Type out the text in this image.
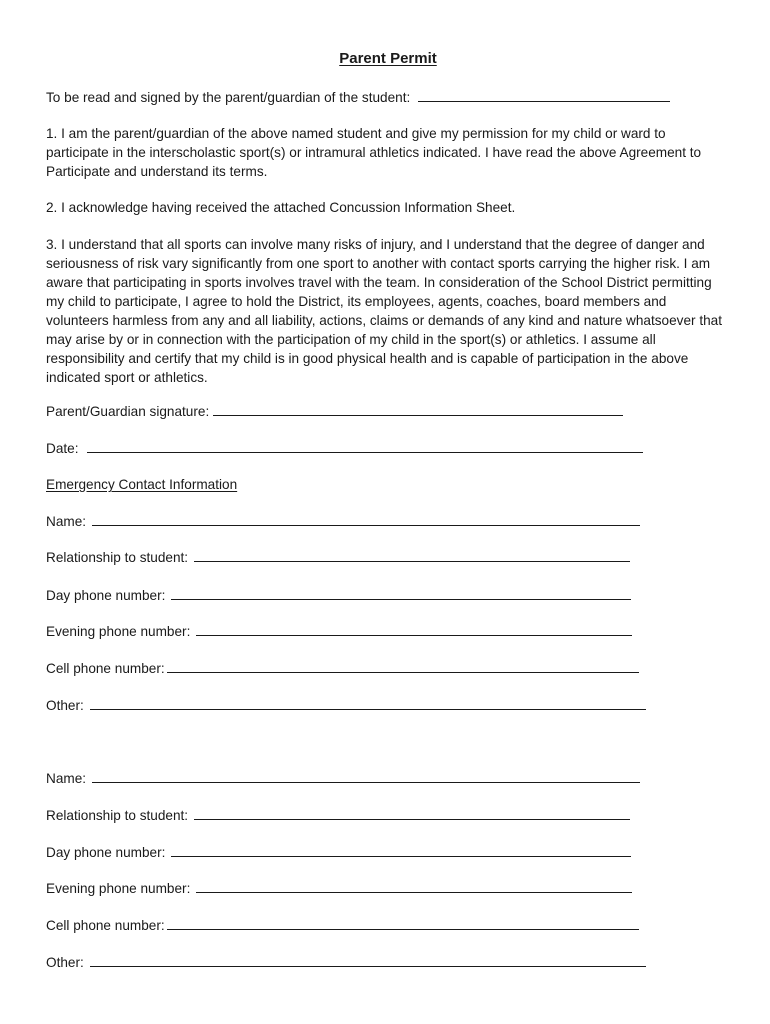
Parent Permit
To be read and signed by the parent/guardian of the student:

1. I am the parent/guardian of the above named student and give my permission for my child or ward to participate in the interscholastic sport(s) or intramural athletics indicated. I have read the above Agreement to Participate and understand its terms.

2. I acknowledge having received the attached Concussion Information Sheet.

3. I understand that all sports can involve many risks of injury, and I understand that the degree of danger and seriousness of risk vary significantly from one sport to another with contact sports carrying the higher risk. I am aware that participating in sports involves travel with the team. In consideration of the School District permitting my child to participate, I agree to hold the District, its employees, agents, coaches, board members and volunteers harmless from any and all liability, actions, claims or demands of any kind and nature whatsoever that may arise by or in connection with the participation of my child in the sport(s) or athletics. I assume all responsibility and certify that my child is in good physical health and is capable of participation in the above indicated sport or athletics.

Parent/Guardian signature:
Date:
Emergency Contact Information
Name:
Relationship to student:
Day phone number:
Evening phone number:
Cell phone number:
Other:
Name:
Relationship to student:
Day phone number:
Evening phone number:
Cell phone number:
Other:
